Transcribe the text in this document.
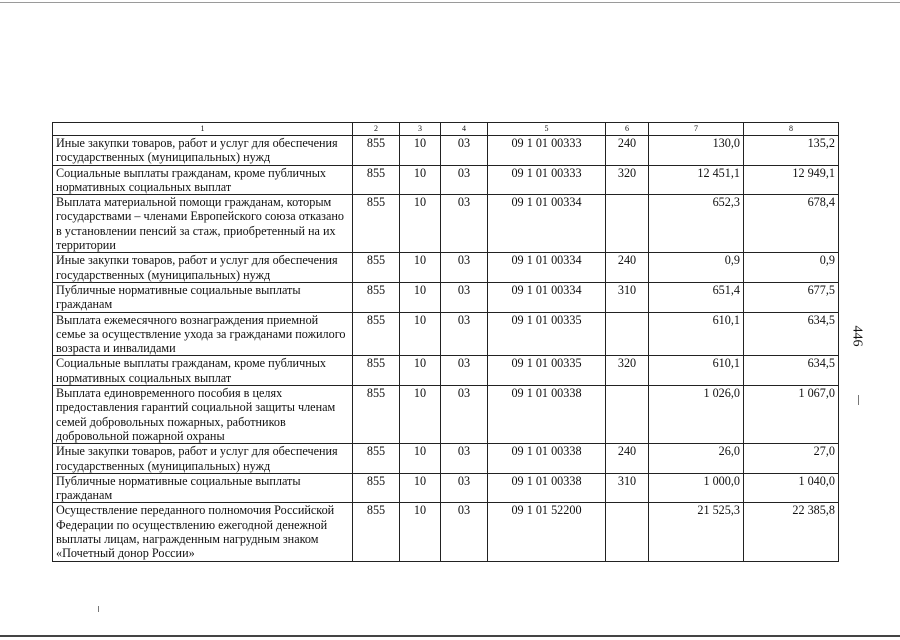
446
1	2	3	4	5	6	7	8
Иные закупки товаров, работ и услуг для обеспечения государственных (муниципальных) нужд	855	10	03	09 1 01 00333	240	130,0	135,2
Социальные выплаты гражданам, кроме публичных нормативных социальных выплат	855	10	03	09 1 01 00333	320	12 451,1	12 949,1
Выплата материальной помощи гражданам, которым государствами – членами Европейского союза отказано в установлении пенсий за стаж, приобретенный на их территории	855	10	03	09 1 01 00334		652,3	678,4
Иные закупки товаров, работ и услуг для обеспечения государственных (муниципальных) нужд	855	10	03	09 1 01 00334	240	0,9	0,9
Публичные нормативные социальные выплаты гражданам	855	10	03	09 1 01 00334	310	651,4	677,5
Выплата ежемесячного вознаграждения приемной семье за осуществление ухода за гражданами пожилого возраста и инвалидами	855	10	03	09 1 01 00335		610,1	634,5
Социальные выплаты гражданам, кроме публичных нормативных социальных выплат	855	10	03	09 1 01 00335	320	610,1	634,5
Выплата единовременного пособия в целях предоставления гарантий социальной защиты членам семей добровольных пожарных, работников добровольной пожарной охраны	855	10	03	09 1 01 00338		1 026,0	1 067,0
Иные закупки товаров, работ и услуг для обеспечения государственных (муниципальных) нужд	855	10	03	09 1 01 00338	240	26,0	27,0
Публичные нормативные социальные выплаты гражданам	855	10	03	09 1 01 00338	310	1 000,0	1 040,0
Осуществление переданного полномочия Российской Федерации по осуществлению ежегодной денежной выплаты лицам, награжденным нагрудным знаком «Почетный донор России»	855	10	03	09 1 01 52200		21 525,3	22 385,8
